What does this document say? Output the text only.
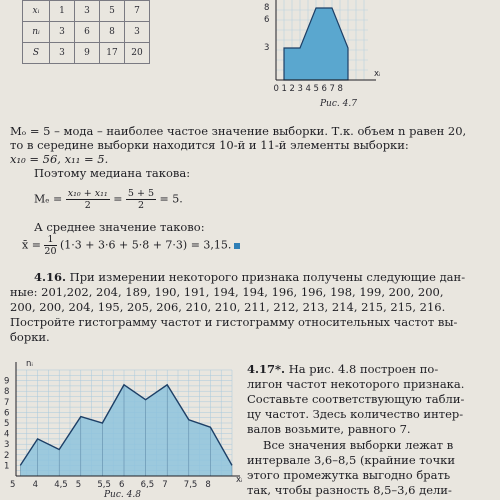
xᵢ	1	3	5	7
nᵢ	3	6	8	3
S	3	9	17	20
8
6
3
0 1 2 3 4 5 6 7 8
xᵢ
Рис. 4.7
Mₒ = 5 – мода – наиболее частое значение выборки. Т.к. объем n равен 20,
то в середине выборки находится 10-й и 11-й элементы выборки:
x₁₀ = 56, x₁₁ = 5.
Поэтому медиана такова:
$M_e = \frac{\text{x₁₀ + x₁₁}}{2} = \frac{5 + 5}{2} = 5$.
А среднее значение таково:
x̄ = $\frac{1}{20} (1\cdot 3 + 3\cdot 6 + 5\cdot 8 + 7\cdot 3) = 3,15$.
4.16. При измерении некоторого признака получены следующие дан-
ные: 201,202, 204, 189, 190, 191, 194, 194, 196, 196, 198, 199, 200, 200,
200, 200, 204, 195, 205, 206, 210, 210, 211, 212, 213, 214, 215, 215, 216.
Постройте гистограмму частот и гистограмму относительных частот вы-
борки.
9
8
7
6
5
4
3
2
1
5 4 4,5 5 5,5 6 6,5 7 7,5 8
nᵢ
xᵢ
Рис. 4.8
4.17*. На рис. 4.8 построен по-
лигон частот некоторого признака.
Составьте соответствующую табли-
цу частот. Здесь количество интер-
валов возьмите, равного 7.
Все значения выборки лежат в
интервале 3,6–8,5 (крайние точки
этого промежутка выгодно брать
так, чтобы разность 8,5–3,6 дели-
